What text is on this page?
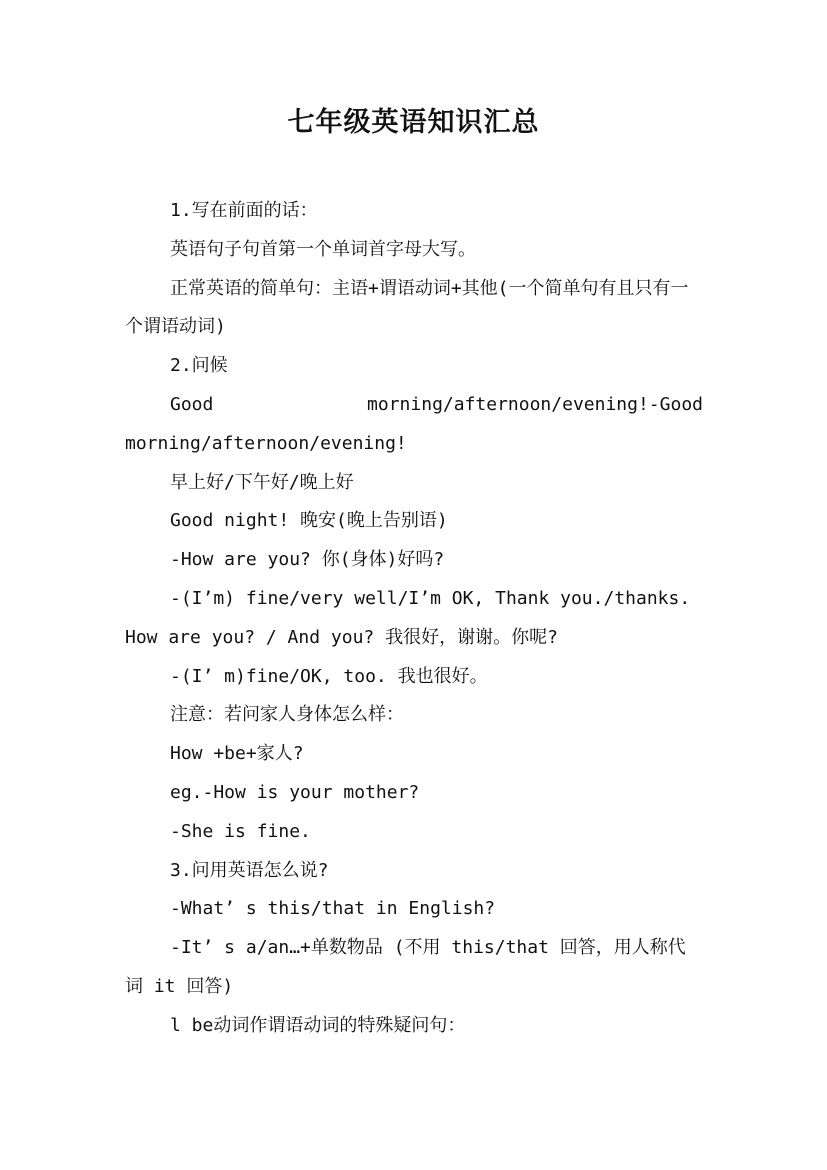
七年级英语知识汇总

1.写在前面的话：

英语句子句首第一个单词首字母大写。

正常英语的简单句：主语+谓语动词+其他(一个简单句有且只有一个谓语动词)

2.问候

Good morning/afternoon/evening!-Good

morning/afternoon/evening!

早上好/下午好/晚上好

Good night! 晚安(晚上告别语)

-How are you? 你(身体)好吗?

-(I’m) fine/very well/I’m OK, Thank you./thanks. How are you? / And you? 我很好，谢谢。你呢?

-(I’ m)fine/OK, too. 我也很好。

注意：若问家人身体怎么样：

How +be+家人?

eg.-How is your mother?

-She is fine.

3.问用英语怎么说?

-What’ s this/that in English?

-It’ s a/an…+单数物品 (不用 this/that 回答，用人称代词 it 回答)

l be动词作谓语动词的特殊疑问句：
